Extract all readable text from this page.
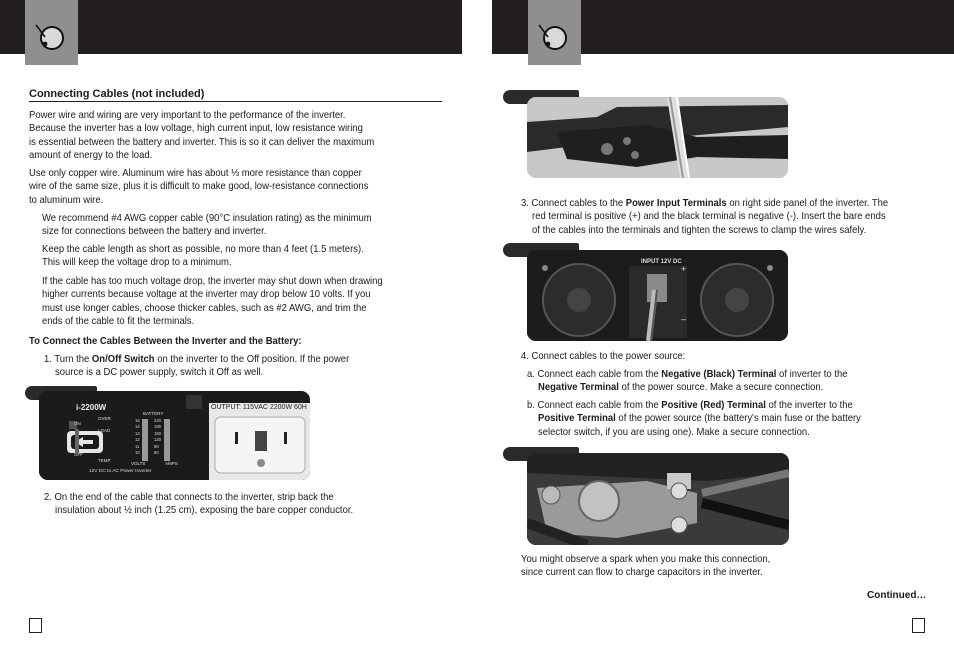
Connecting Cables (not included)
Power wire and wiring are very important to the performance of the inverter.
Because the inverter has a low voltage, high current input, low resistance wiring
is essential between the battery and inverter. This is so it can deliver the maximum
amount of energy to the load.
Use only copper wire. Aluminum wire has about ⅓ more resistance than copper
wire of the same size, plus it is difficult to make good, low-resistance connections
to aluminum wire.
We recommend #4 AWG copper cable (90°C insulation rating) as the minimum
size for connections between the battery and inverter.
Keep the cable length as short as possible, no more than 4 feet (1.5 meters).
This will keep the voltage drop to a minimum.
If the cable has too much voltage drop, the inverter may shut down when drawing
higher currents because voltage at the inverter may drop below 10 volts. If you
must use longer cables, choose thicker cables, such as #2 AWG, and trim the
ends of the cable to fit the terminals.
To Connect the Cables Between the Inverter and the Battery:
1. Turn the On/Off Switch on the inverter to the Off position. If the power
source is a DC power supply, switch it Off as well.
i-2200W
OVER
LOAD
TEMP
ON
OFF
BATTERY
VOLTS	AMPS
15
14
13
12
11
10
220
180
150
120
90
60
12V DC to AC Power Inverter
OUTPUT: 115VAC 2200W 60H
2. On the end of the cable that connects to the inverter, strip back the
insulation about ½ inch (1.25 cm), exposing the bare copper conductor.
3. Connect cables to the Power Input Terminals on right side panel of the inverter. The
red terminal is positive (+) and the black terminal is negative (-). Insert the bare ends
of the cables into the terminals and tighten the screws to clamp the wires safely.
INPUT 12V DC
+
–
4. Connect cables to the power source:
a. Connect each cable from the Negative (Black) Terminal of inverter to the
Negative Terminal of the power source. Make a secure connection.
b. Connect each cable from the Positive (Red) Terminal of the inverter to the
Positive Terminal of the power source (the battery's main fuse or the battery
selector switch, if you are using one). Make a secure connection.
You might observe a spark when you make this connection,
since current can flow to charge capacitors in the inverter.
Continued…
